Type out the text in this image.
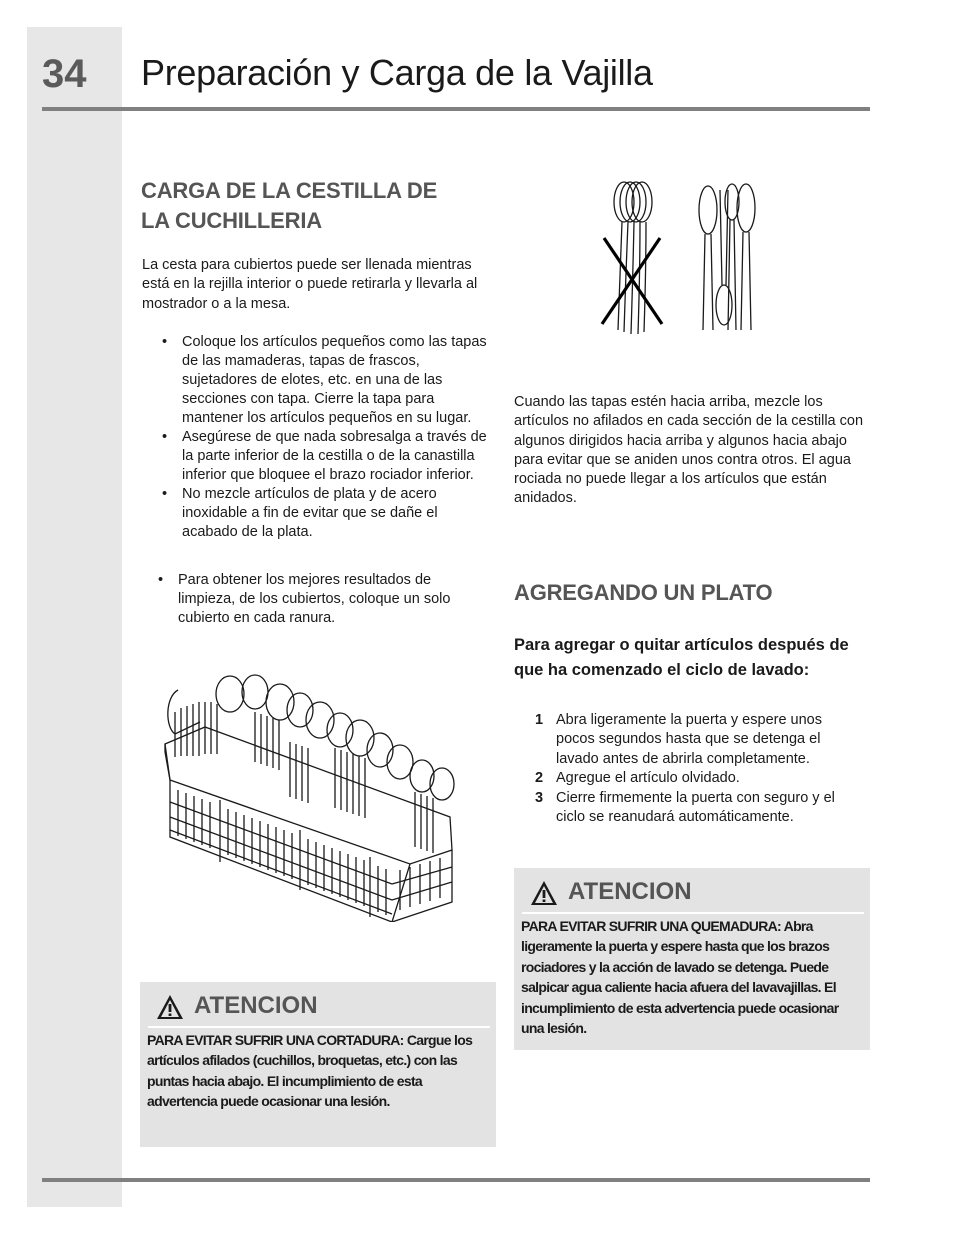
34 Preparación y Carga de la Vajilla
CARGA DE LA CESTILLA DE
LA CUCHILLERIA
La cesta para cubiertos puede ser llenada mientras está en la rejilla interior o puede retirarla y llevarla al mostrador o a la mesa.
• Coloque los artículos pequeños como las tapas de las mamaderas, tapas de frascos, sujetadores de elotes, etc. en una de las secciones con tapa. Cierre la tapa para mantener los artículos pequeños en su lugar.
• Asegúrese de que nada sobresalga a través de la parte inferior de la cestilla o de la canastilla inferior que bloquee el brazo rociador inferior.
• No mezcle artículos de plata y de acero inoxidable a fin de evitar que se dañe el acabado de la plata.
• Para obtener los mejores resultados de limpieza, de los cubiertos, coloque un solo cubierto en cada ranura.
ATENCION
PARA EVITAR SUFRIR UNA CORTADURA: Cargue los artículos afilados (cuchillos, broquetas, etc.) con las puntas hacia abajo. El incumplimiento de esta advertencia puede ocasionar una lesión.
Cuando las tapas estén hacia arriba, mezcle los artículos no afilados en cada sección de la cestilla con algunos dirigidos hacia arriba y algunos hacia abajo para evitar que se aniden unos contra otros. El agua rociada no puede llegar a los artículos que están anidados.
AGREGANDO UN PLATO
Para agregar o quitar artículos después de que ha comenzado el ciclo de lavado:
1 Abra ligeramente la puerta y espere unos pocos segundos hasta que se detenga el lavado antes de abrirla completamente.
2 Agregue el artículo olvidado.
3 Cierre firmemente la puerta con seguro y el ciclo se reanudará automáticamente.
ATENCION
PARA EVITAR SUFRIR UNA QUEMADURA: Abra ligeramente la puerta y espere hasta que los brazos rociadores y la acción de lavado se detenga. Puede salpicar agua caliente hacia afuera del lavavajillas. El incumplimiento de esta advertencia puede ocasionar una lesión.
